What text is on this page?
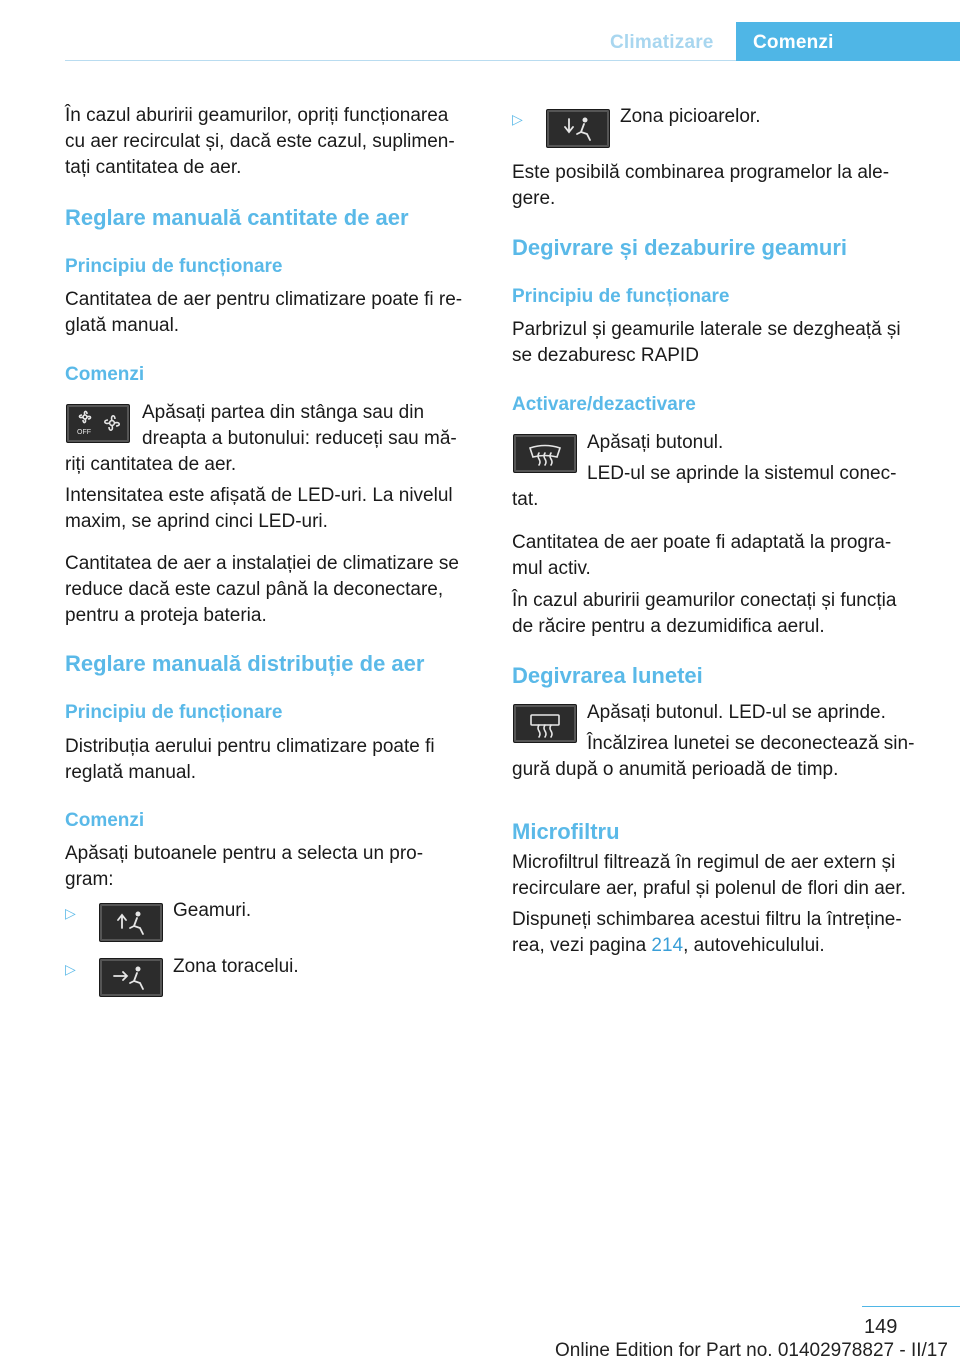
Climatizare Comenzi

În cazul aburirii geamurilor, opriți funcționarea

cu aer recirculat și, dacă este cazul, suplimen-

tați cantitatea de aer.

Reglare manuală cantitate de aer
Principiu de funcționare

Cantitatea de aer pentru climatizare poate fi re-

glată manual.

Comenzi
OFF

Apăsați partea din stânga sau din

dreapta a butonului: reduceți sau mă-

riți cantitatea de aer.

Intensitatea este afișată de LED-uri. La nivelul

maxim, se aprind cinci LED-uri.

Cantitatea de aer a instalației de climatizare se

reduce dacă este cazul până la deconectare,

pentru a proteja bateria.

Reglare manuală distribuție de aer
Principiu de funcționare

Distribuția aerului pentru climatizare poate fi

reglată manual.

Comenzi

Apăsați butoanele pentru a selecta un pro-

gram:

▷	Geamuri.

▷	Zona toracelui.

▷	Zona picioarelor.

Este posibilă combinarea programelor la ale-

gere.

Degivrare și dezaburire geamuri
Principiu de funcționare

Parbrizul și geamurile laterale se dezgheață și

se dezaburesc RAPID

Activare/dezactivare

Apăsați butonul.

LED-ul se aprinde la sistemul conec-

tat.

Cantitatea de aer poate fi adaptată la progra-

mul activ.

În cazul aburirii geamurilor conectați și funcția

de răcire pentru a dezumidifica aerul.

Degivrarea lunetei

Apăsați butonul. LED-ul se aprinde.

Încălzirea lunetei se deconectează sin-

gură după o anumită perioadă de timp.

Microfiltru

Microfiltrul filtrează în regimul de aer extern și

recirculare aer, praful și polenul de flori din aer.

Dispuneți schimbarea acestui filtru la întreține-

rea, vezi pagina 214, autovehiculului.

149
Online Edition for Part no. 01402978827 - II/17
